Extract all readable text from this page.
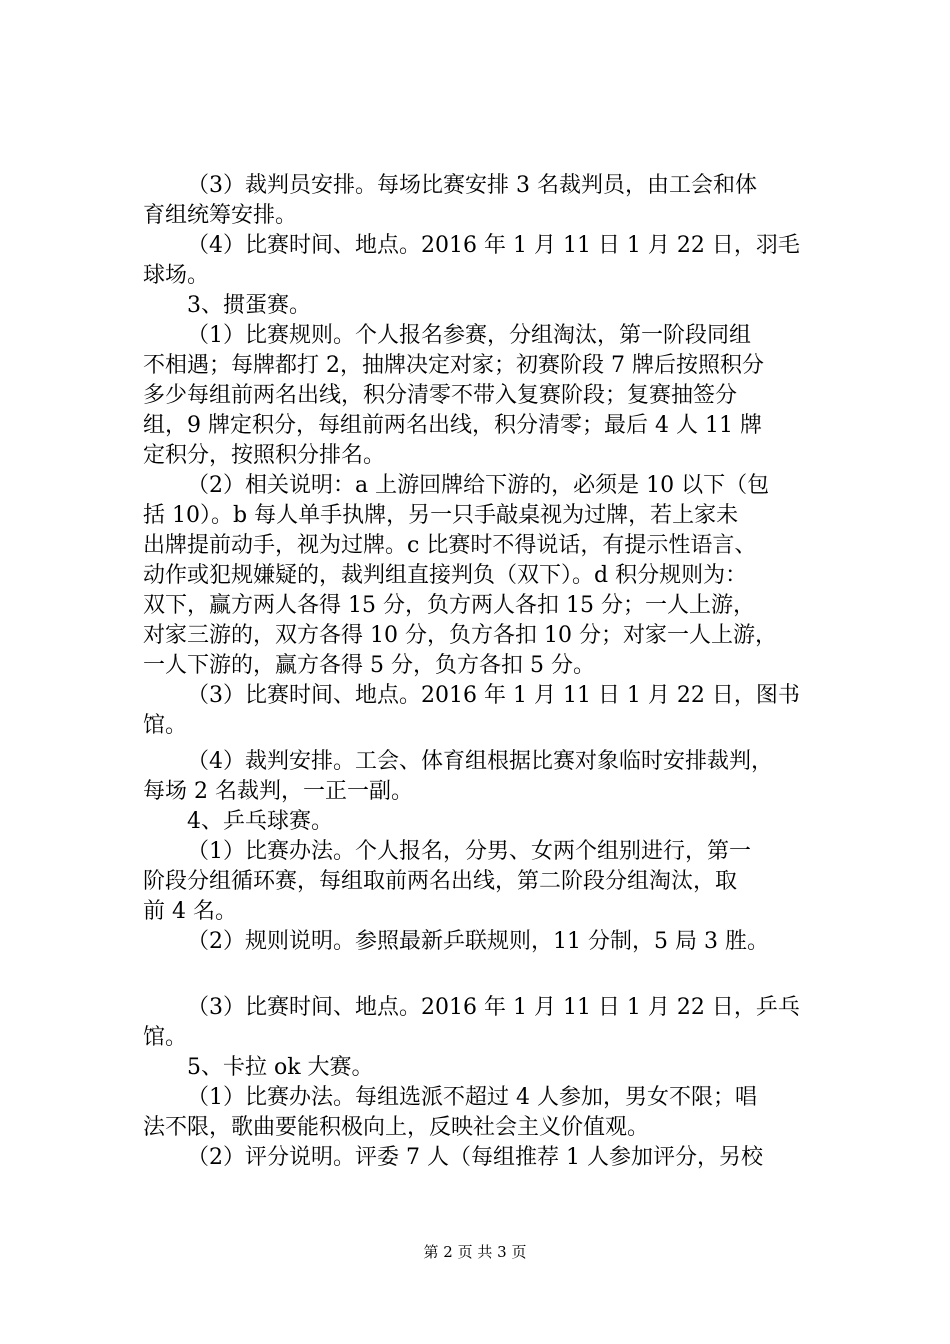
（3）裁判员安排。每场比赛安排 3 名裁判员，由工会和体
育组统筹安排。
（4）比赛时间、地点。2016 年 1 月 11 日 1 月 22 日，羽毛
球场。
3、掼蛋赛。
（1）比赛规则。个人报名参赛，分组淘汰，第一阶段同组
不相遇；每牌都打 2，抽牌决定对家；初赛阶段 7 牌后按照积分
多少每组前两名出线，积分清零不带入复赛阶段；复赛抽签分
组，9 牌定积分，每组前两名出线，积分清零；最后 4 人 11 牌
定积分，按照积分排名。
（2）相关说明：a 上游回牌给下游的，必须是 10 以下（包
括 10）。b 每人单手执牌，另一只手敲桌视为过牌，若上家未
出牌提前动手，视为过牌。c 比赛时不得说话，有提示性语言、
动作或犯规嫌疑的，裁判组直接判负（双下）。d 积分规则为：
双下，赢方两人各得 15 分，负方两人各扣 15 分；一人上游，
对家三游的，双方各得 10 分，负方各扣 10 分；对家一人上游，
一人下游的，赢方各得 5 分，负方各扣 5 分。
（3）比赛时间、地点。2016 年 1 月 11 日 1 月 22 日，图书
馆。
（4）裁判安排。工会、体育组根据比赛对象临时安排裁判，
每场 2 名裁判，一正一副。
4、乒乓球赛。
（1）比赛办法。个人报名，分男、女两个组别进行，第一
阶段分组循环赛，每组取前两名出线，第二阶段分组淘汰，取
前 4 名。
（2）规则说明。参照最新乒联规则，11 分制，5 局 3 胜。
（3）比赛时间、地点。2016 年 1 月 11 日 1 月 22 日，乒乓
馆。
5、卡拉 ok 大赛。
（1）比赛办法。每组选派不超过 4 人参加，男女不限；唱
法不限，歌曲要能积极向上，反映社会主义价值观。
（2）评分说明。评委 7 人（每组推荐 1 人参加评分，另校
第 2 页 共 3 页
